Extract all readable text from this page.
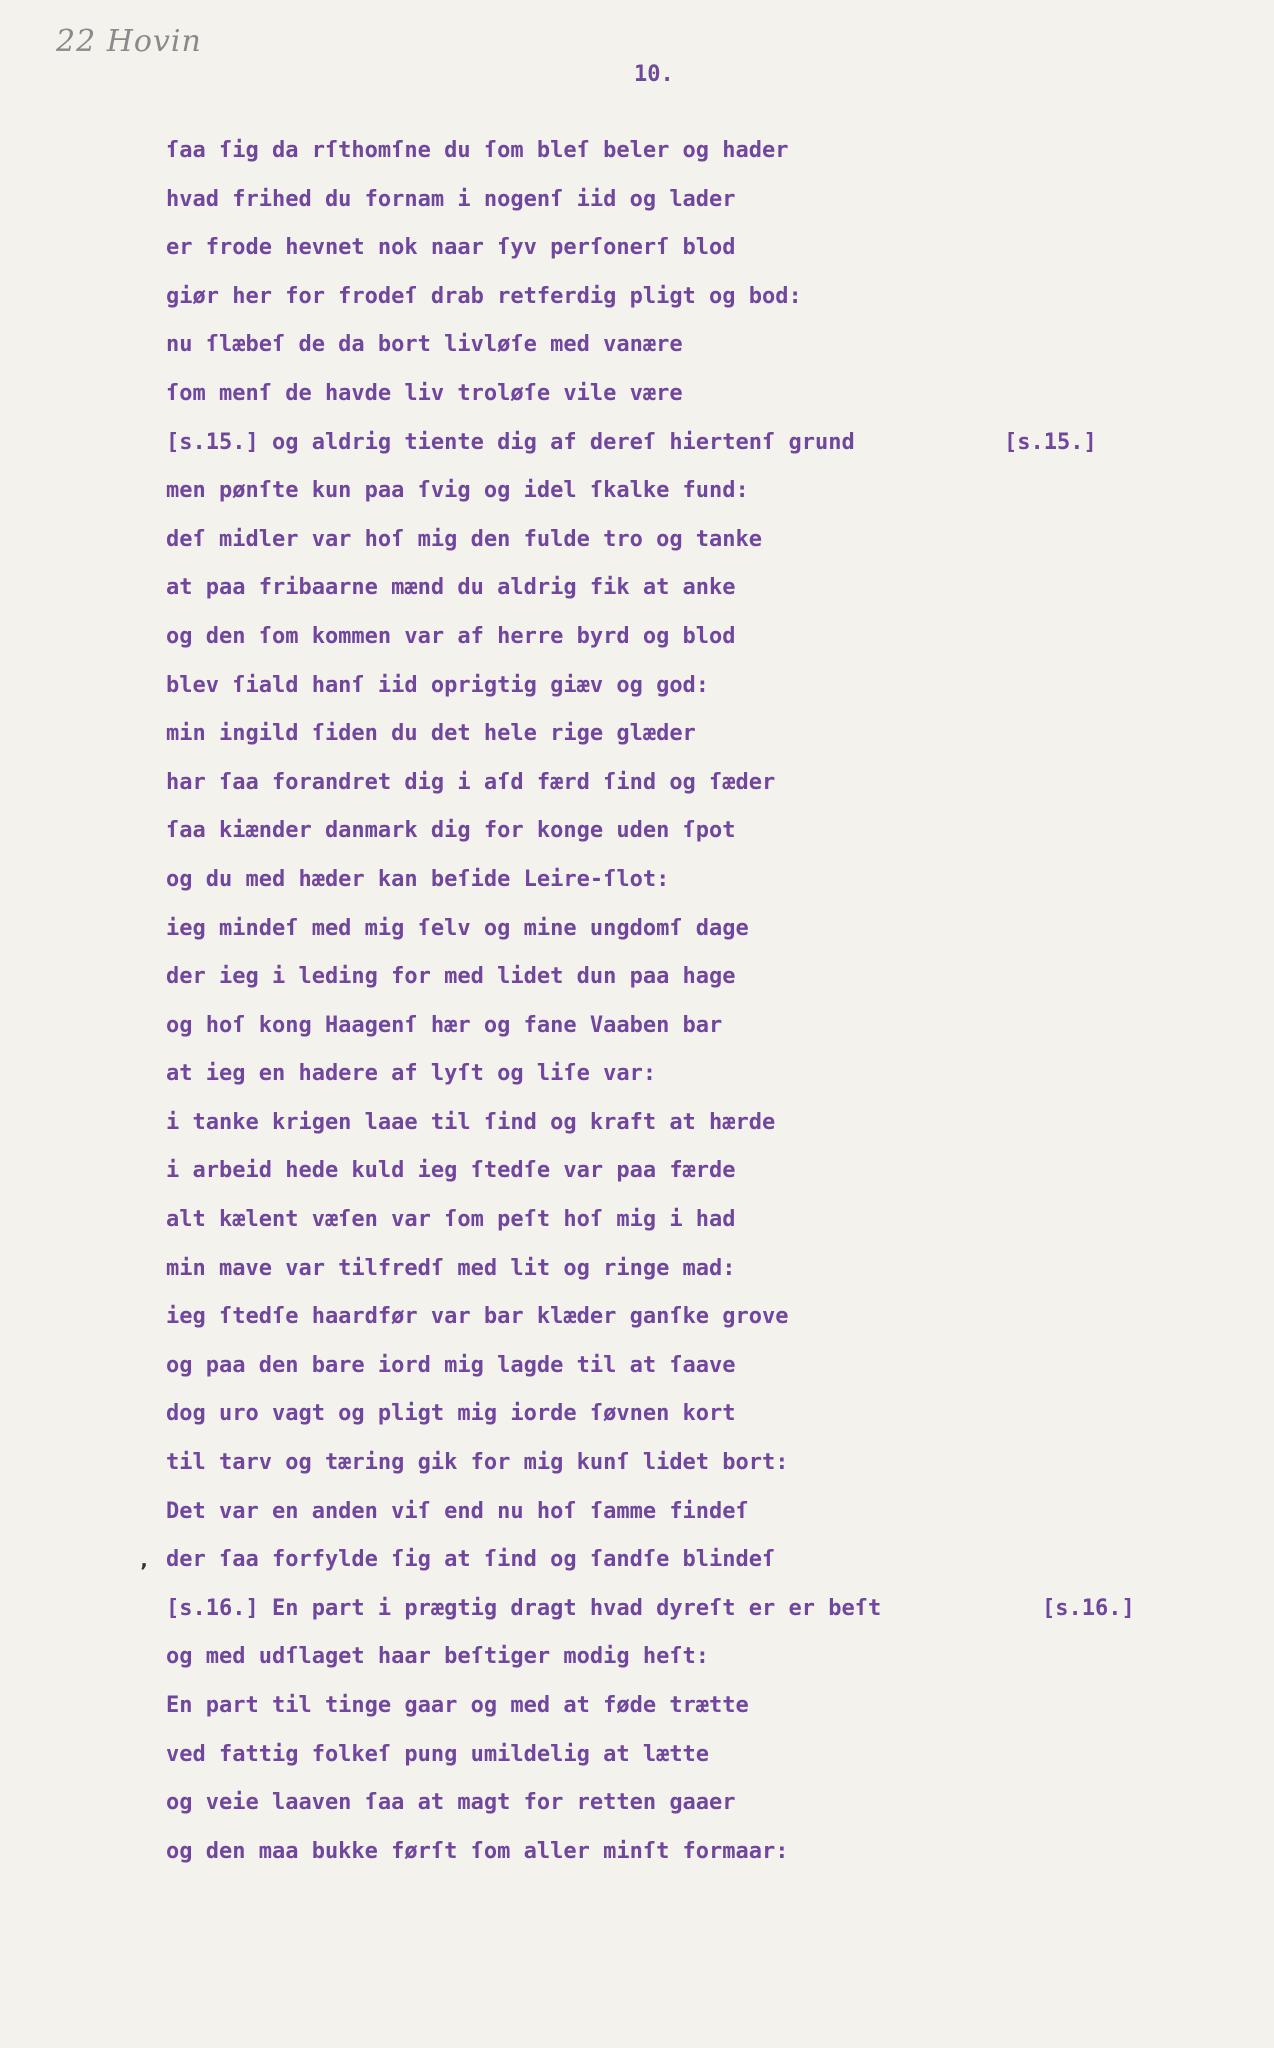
22 Hovin
10.
ſaa ſig da rſthomſne du ſom bleſ beler og hader
hvad frihed du fornam i nogenſ iid og lader
er frode hevnet nok naar ſyv perſonerſ blod
giør her for frodeſ drab retferdig pligt og bod:
nu ſlæbeſ de da bort livløſe med vanære
ſom menſ de havde liv troløſe vile være
[s.15.] og aldrig tiente dig af dereſ hiertenſ grund	[s.15.]
men pønſte kun paa ſvig og idel ſkalke fund:
deſ midler var hoſ mig den fulde tro og tanke
at paa fribaarne mænd du aldrig fik at anke
og den ſom kommen var af herre byrd og blod
blev ſiald hanſ iid oprigtig giæv og god:
min ingild ſiden du det hele rige glæder
har ſaa forandret dig i aſd færd ſind og ſæder
ſaa kiænder danmark dig for konge uden ſpot
og du med hæder kan beſide Leire-ſlot:
ieg mindeſ med mig ſelv og mine ungdomſ dage
der ieg i leding for med lidet dun paa hage
og hoſ kong Haagenſ hær og fane Vaaben bar
at ieg en hadere af lyſt og liſe var:
i tanke krigen laae til ſind og kraft at hærde
i arbeid hede kuld ieg ſtedſe var paa færde
alt kælent væſen var ſom peſt hoſ mig i had
min mave var tilfredſ med lit og ringe mad:
ieg ſtedſe haardfør var bar klæder ganſke grove
og paa den bare iord mig lagde til at ſaave
dog uro vagt og pligt mig iorde ſøvnen kort
til tarv og tæring gik for mig kunſ lidet bort:
Det var en anden viſ end nu hoſ ſamme findeſ
der ſaa forfylde ſig at ſind og ſandſe blindeſ
‚
[s.16.] En part i prægtig dragt hvad dyreſt er er beſt	[s.16.]
og med udſlaget haar beſtiger modig heſt:
En part til tinge gaar og med at føde trætte
ved fattig folkeſ pung umildelig at lætte
og veie laaven ſaa at magt for retten gaaer
og den maa bukke førſt ſom aller minſt formaar:
